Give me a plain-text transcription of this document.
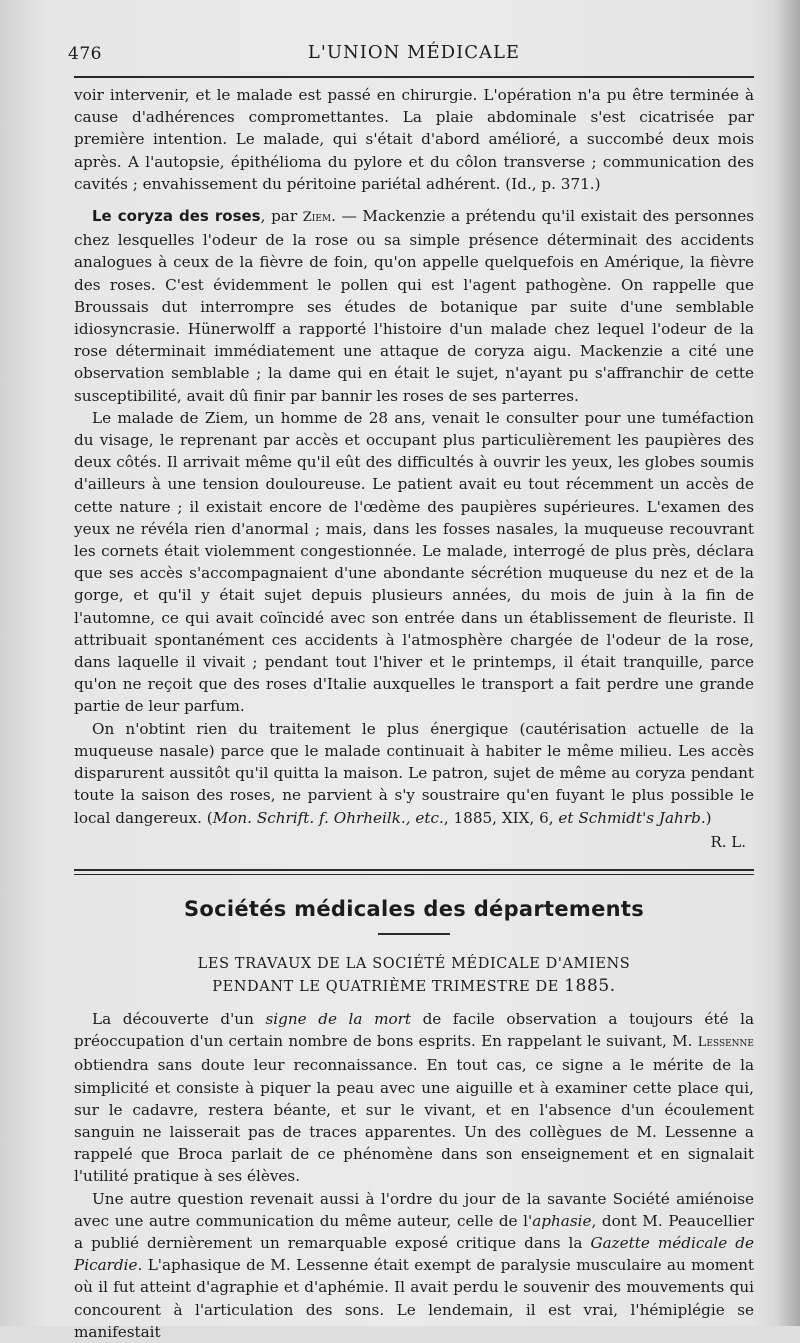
476	L'UNION MÉDICALE

voir intervenir, et le malade est passé en chirurgie. L'opération n'a pu être terminée à cause d'adhérences compromettantes. La plaie abdominale s'est cicatrisée par première intention. Le malade, qui s'était d'abord amélioré, a succombé deux mois après. A l'autopsie, épithélioma du pylore et du côlon transverse ; communication des cavités ; envahissement du péritoine pariétal adhérent. (Id., p. 371.)

Le coryza des roses, par Ziem. — Mackenzie a prétendu qu'il existait des personnes chez lesquelles l'odeur de la rose ou sa simple présence déterminait des accidents analogues à ceux de la fièvre de foin, qu'on appelle quelquefois en Amérique, la fièvre des roses. C'est évidemment le pollen qui est l'agent pathogène. On rappelle que Broussais dut interrompre ses études de botanique par suite d'une semblable idiosyncrasie. Hünerwolff a rapporté l'histoire d'un malade chez lequel l'odeur de la rose déterminait immédiatement une attaque de coryza aigu. Mackenzie a cité une observation semblable ; la dame qui en était le sujet, n'ayant pu s'affranchir de cette susceptibilité, avait dû finir par bannir les roses de ses parterres.

Le malade de Ziem, un homme de 28 ans, venait le consulter pour une tuméfaction du visage, le reprenant par accès et occupant plus particulièrement les paupières des deux côtés. Il arrivait même qu'il eût des difficultés à ouvrir les yeux, les globes soumis d'ailleurs à une tension douloureuse. Le patient avait eu tout récemment un accès de cette nature ; il existait encore de l'œdème des paupières supérieures. L'examen des yeux ne révéla rien d'anormal ; mais, dans les fosses nasales, la muqueuse recouvrant les cornets était violemment congestionnée. Le malade, interrogé de plus près, déclara que ses accès s'accompagnaient d'une abondante sécrétion muqueuse du nez et de la gorge, et qu'il y était sujet depuis plusieurs années, du mois de juin à la fin de l'automne, ce qui avait coïncidé avec son entrée dans un établissement de fleuriste. Il attribuait spontanément ces accidents à l'atmosphère chargée de l'odeur de la rose, dans laquelle il vivait ; pendant tout l'hiver et le printemps, il était tranquille, parce qu'on ne reçoit que des roses d'Italie auxquelles le transport a fait perdre une grande partie de leur parfum.

On n'obtint rien du traitement le plus énergique (cautérisation actuelle de la muqueuse nasale) parce que le malade continuait à habiter le même milieu. Les accès disparurent aussitôt qu'il quitta la maison. Le patron, sujet de même au coryza pendant toute la saison des roses, ne parvient à s'y soustraire qu'en fuyant le plus possible le local dangereux. (Mon. Schrift. f. Ohrheilk., etc., 1885, XIX, 6, et Schmidt's Jahrb.)

R. L.

Sociétés médicales des départements
LES TRAVAUX DE LA SOCIÉTÉ MÉDICALE D'AMIENS
PENDANT LE QUATRIÈME TRIMESTRE DE 1885.

La découverte d'un signe de la mort de facile observation a toujours été la préoccupation d'un certain nombre de bons esprits. En rappelant le suivant, M. Lessenne obtiendra sans doute leur reconnaissance. En tout cas, ce signe a le mérite de la simplicité et consiste à piquer la peau avec une aiguille et à examiner cette place qui, sur le cadavre, restera béante, et sur le vivant, et en l'absence d'un écoulement sanguin ne laisserait pas de traces apparentes. Un des collègues de M. Lessenne a rappelé que Broca parlait de ce phénomène dans son enseignement et en signalait l'utilité pratique à ses élèves.

Une autre question revenait aussi à l'ordre du jour de la savante Société amiénoise avec une autre communication du même auteur, celle de l'aphasie, dont M. Peaucellier a publié dernièrement un remarquable exposé critique dans la Gazette médicale de Picardie. L'aphasique de M. Lessenne était exempt de paralysie musculaire au moment où il fut atteint d'agraphie et d'aphémie. Il avait perdu le souvenir des mouvements qui concourent à l'articulation des sons. Le lendemain, il est vrai, l'hémiplégie se manifestait
